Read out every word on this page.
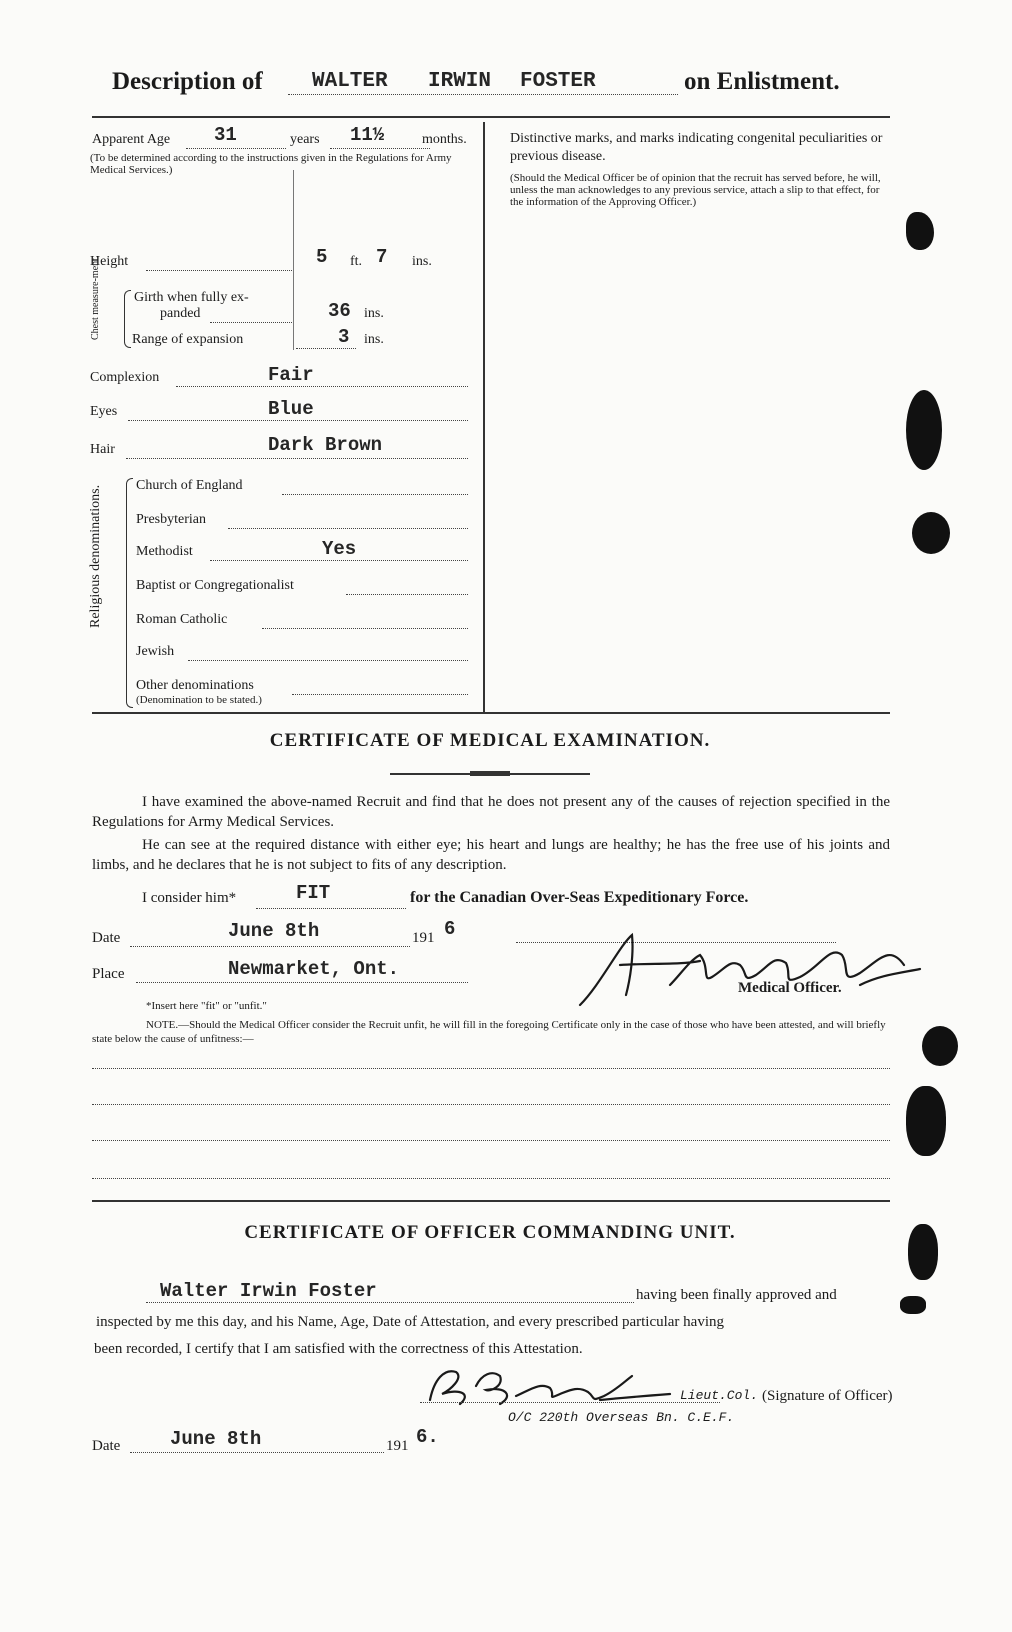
Description of WALTER IRWIN FOSTER	on Enlistment.
Apparent Age 31	years 11½	months.
(To be determined according to the instructions given in the Regulations for Army Medical Services.)
Height	5 ft. 7 ins.
Chest measure-ment. Girth when fully ex-
panded	36 ins.
Range of expansion	3 ins.
Complexion	Fair
Eyes	Blue
Hair	Dark Brown
Religious denominations. Church of England
Presbyterian
Methodist	Yes
Baptist or Congregationalist
Roman Catholic
Jewish
Other denominations
(Denomination to be stated.)
Distinctive marks, and marks indicating congenital peculiarities or previous disease.
(Should the Medical Officer be of opinion that the recruit has served before, he will, unless the man acknowledges to any previous service, attach a slip to that effect, for the information of the Approving Officer.)
CERTIFICATE OF MEDICAL EXAMINATION.
I have examined the above-named Recruit and find that he does not present any of the causes of rejection specified in the Regulations for Army Medical Services.
He can see at the required distance with either eye; his heart and lungs are healthy; he has the free use of his joints and limbs, and he declares that he is not subject to fits of any description.
I consider him*	FIT	for the Canadian Over-Seas Expeditionary Force.
Date	June 8th	191 6
Place	Newmarket, Ont.
Medical Officer.
*Insert here "fit" or "unfit."
NOTE.—Should the Medical Officer consider the Recruit unfit, he will fill in the foregoing Certificate only in the case of those who have been attested, and will briefly state below the cause of unfitness:—
CERTIFICATE OF OFFICER COMMANDING UNIT.
Walter Irwin Foster	having been finally approved and
inspected by me this day, and his Name, Age, Date of Attestation, and every prescribed particular having
been recorded, I certify that I am satisfied with the correctness of this Attestation.
Lieut.Col. (Signature of Officer)
O/C 220th Overseas Bn. C.E.F.
Date	June 8th	191 6.
